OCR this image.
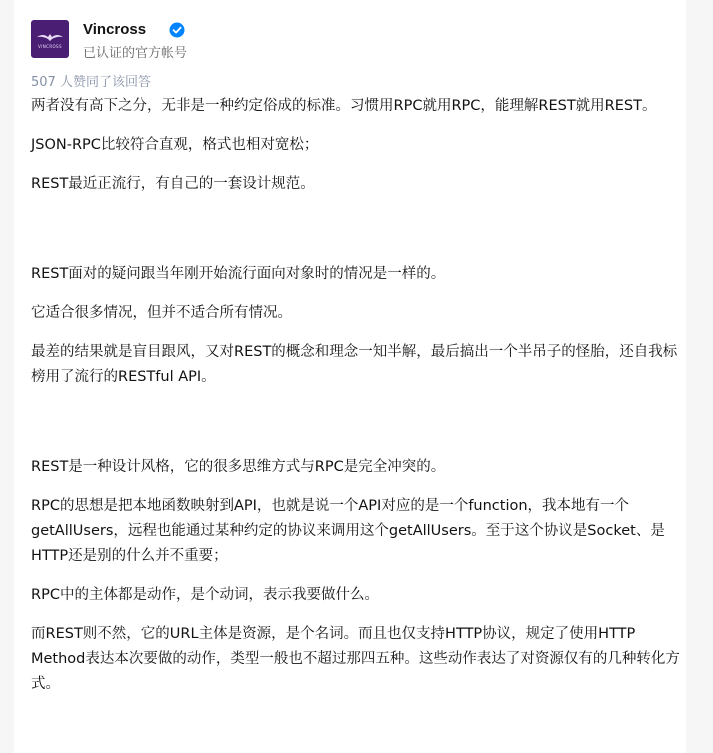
VINCROSS
Vincross
已认证的官方帐号
507 人赞同了该回答

两者没有高下之分，无非是一种约定俗成的标准。习惯用RPC就用RPC，能理解REST就用REST。

JSON-RPC比较符合直观，格式也相对宽松；

REST最近正流行，有自己的一套设计规范。

REST面对的疑问跟当年刚开始流行面向对象时的情况是一样的。

它适合很多情况，但并不适合所有情况。

最差的结果就是盲目跟风，又对REST的概念和理念一知半解，最后搞出一个半吊子的怪胎，还自我标榜用了流行的RESTful API。

REST是一种设计风格，它的很多思维方式与RPC是完全冲突的。

RPC的思想是把本地函数映射到API，也就是说一个API对应的是一个function，我本地有一个getAllUsers，远程也能通过某种约定的协议来调用这个getAllUsers。至于这个协议是Socket、是HTTP还是别的什么并不重要；

RPC中的主体都是动作，是个动词，表示我要做什么。

而REST则不然，它的URL主体是资源，是个名词。而且也仅支持HTTP协议，规定了使用HTTP Method表达本次要做的动作，类型一般也不超过那四五种。这些动作表达了对资源仅有的几种转化方式。
